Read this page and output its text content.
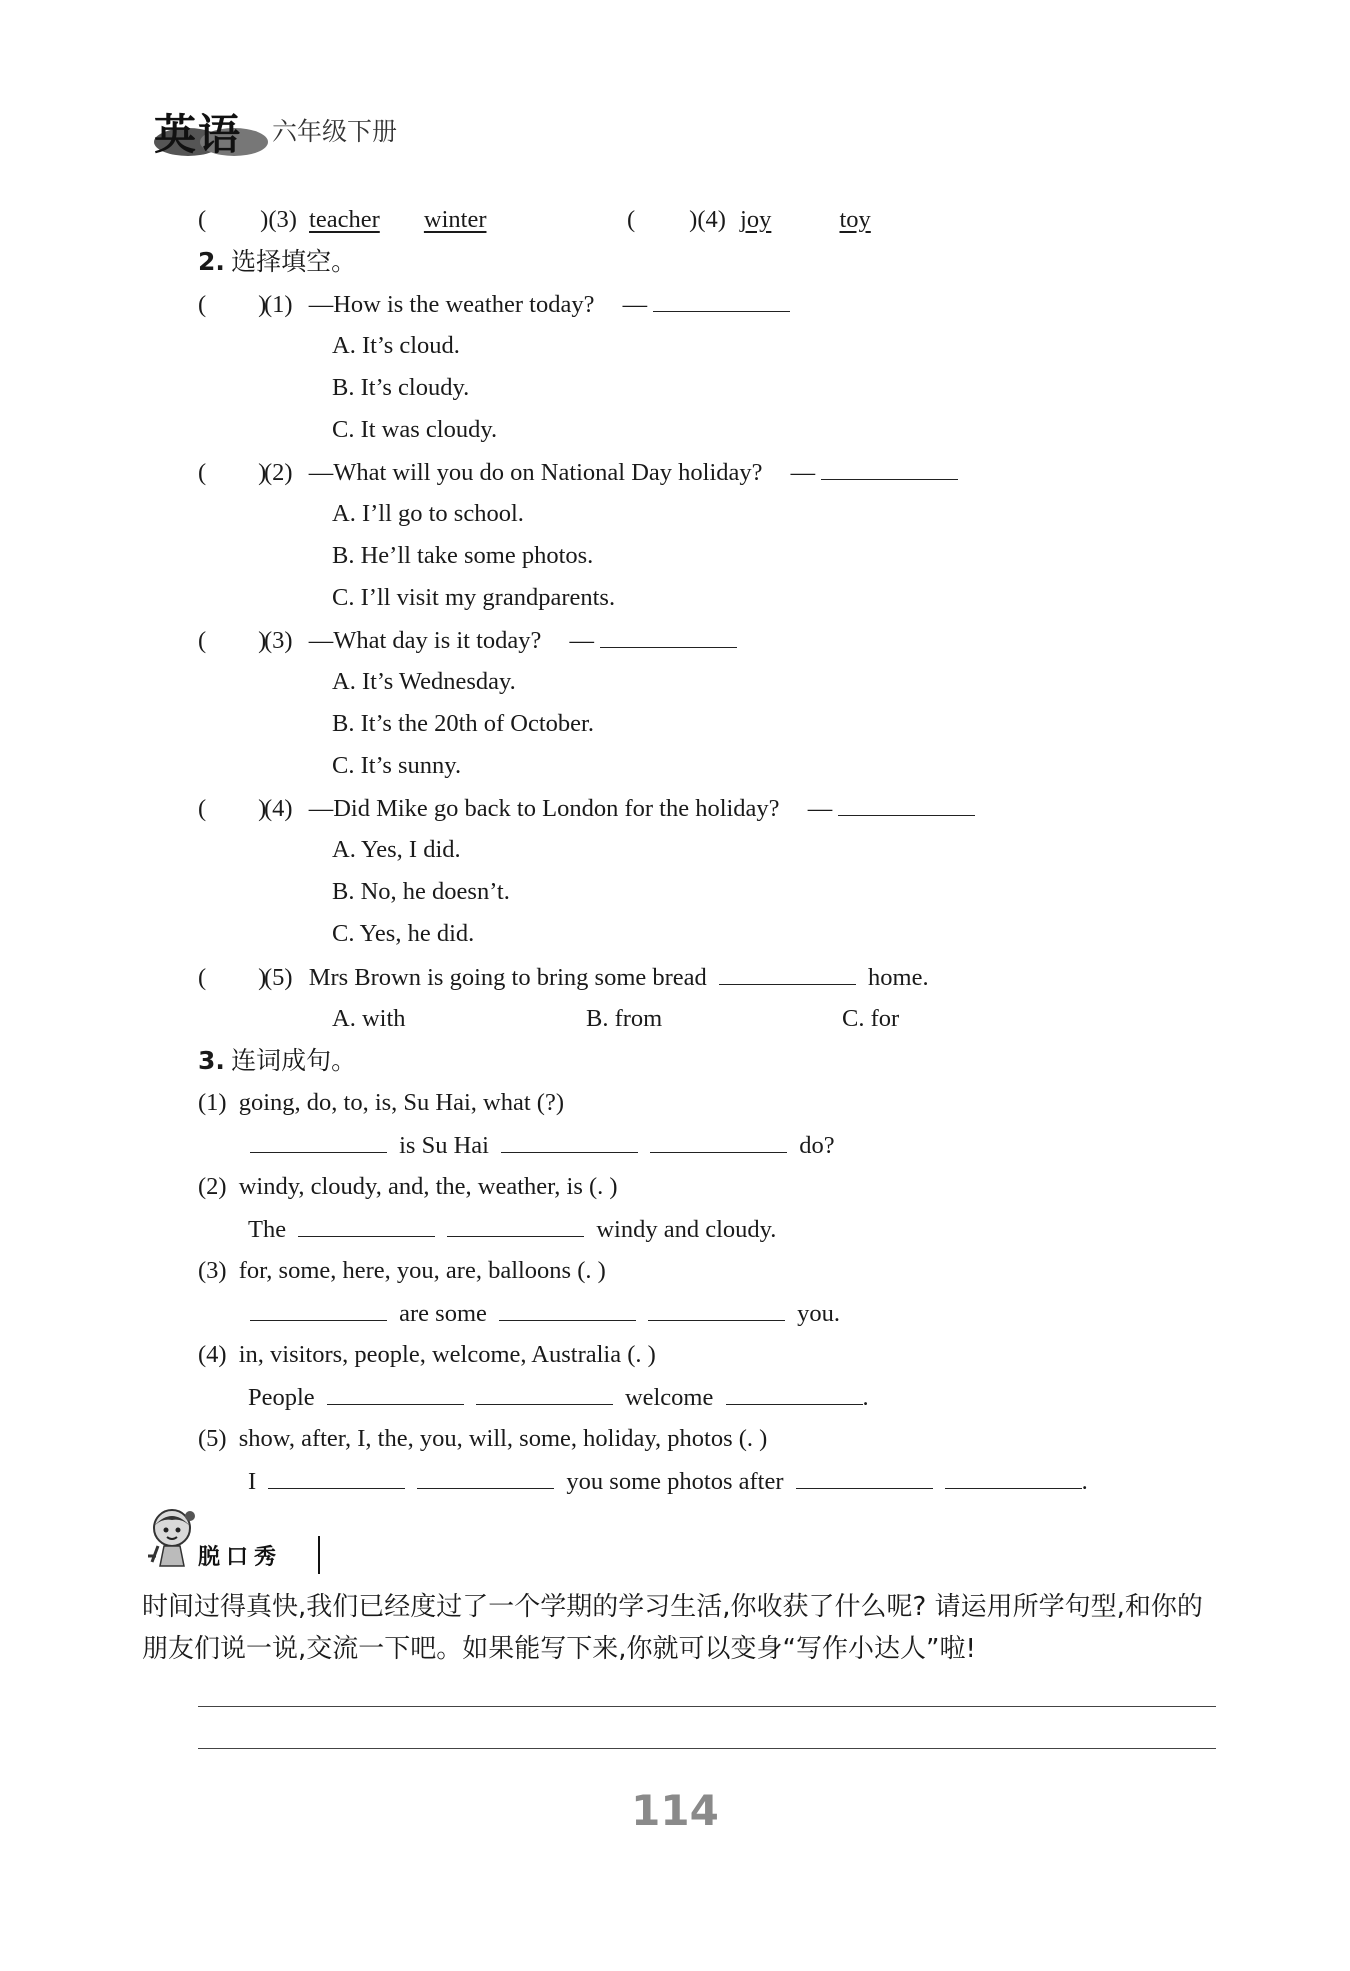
英语 六年级下册
( )(3) teacher winter	( )(4) joy	toy
2. 选择填空。
( )(1) —How is the weather today? —
A. It’s cloud.
B. It’s cloudy.
C. It was cloudy.
( )(2) —What will you do on National Day holiday? —
A. I’ll go to school.
B. He’ll take some photos.
C. I’ll visit my grandparents.
( )(3) —What day is it today? —
A. It’s Wednesday.
B. It’s the 20th of October.
C. It’s sunny.
( )(4) —Did Mike go back to London for the holiday? —
A. Yes, I did.
B. No, he doesn’t.
C. Yes, he did.
( )(5) Mrs Brown is going to bring some bread	home.
A. with	B. from	C. for
3. 连词成句。
(1) going, do, to, is, Su Hai, what (?)
is Su Hai	do?
(2) windy, cloudy, and, the, weather, is (. )
The	windy and cloudy.
(3) for, some, here, you, are, balloons (. )
are some	you.
(4) in, visitors, people, welcome, Australia (. )
People	welcome	.
(5) show, after, I, the, you, will, some, holiday, photos (. )
I	you some photos after	.
脱口秀
时间过得真快,我们已经度过了一个学期的学习生活,你收获了什么呢? 请运用所学句型,和你的朋友们说一说,交流一下吧。如果能写下来,你就可以变身“写作小达人”啦!
114
